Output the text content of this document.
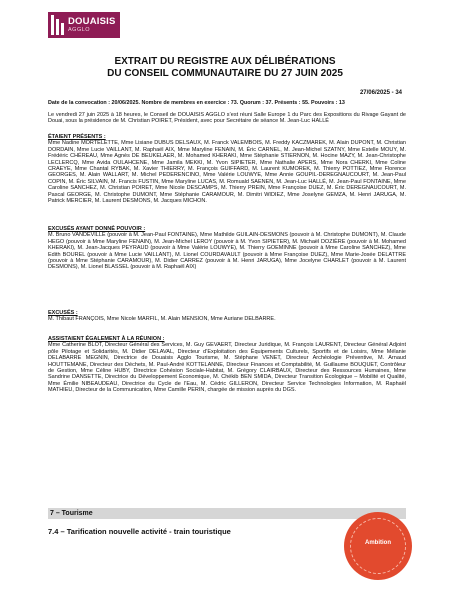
DOUAISIS
AGGLO
EXTRAIT DU REGISTRE AUX DÉLIBÉRATIONS
DU CONSEIL COMMUNAUTAIRE DU 27 JUIN 2025
27/06/2025 - 34
Date de la convocation : 20/06/2025. Nombre de membres en exercice : 73. Quorum : 37. Présents : 55. Pouvoirs : 13
Le vendredi 27 juin 2025 à 18 heures, le Conseil de DOUAISIS AGGLO s’est réuni Salle Europe 1 du Parc des Expositions du Rivage Gayant de Douai, sous la présidence de M. Christian POIRET, Président, avec pour Secrétaire de séance M. Jean-Luc HALLÉ
ÉTAIENT PRÉSENTS :
Mme Nadine MORTELETTE, Mme Lisiane DUBUS DELSAUX, M. Franck VALEMBOIS, M. Freddy KACZMAREK, M. Alain DUPONT, M. Christian DORDAIN, Mme Lucie VAILLANT, M. Raphaël AIX, Mme Maryline FENAIN, M. Éric CARNEL, M. Jean-Michel SZATNY, Mme Estelle MOUY, M. Frédéric CHÉREAU, Mme Agnès DE BEUKELAER, M. Mohamed KHERAKI, Mme Stéphanie STIERNON, M. Hocine MAZY, M. Jean-Christophe LECLERCQ, Mme Avida OULAHCENE, Mme Jamila MEKKI, M. Yvon SIPIETER, Mme Nathalie APERS, Mme Nora CHERKI, Mme Coline CRAEYE, Mme Chantal RYBAK, M. Xavier THIERRY, M. François GUIFFARD, M. Laurent KUMOREK, M. Thierry POTTIEZ, Mme Florence GEORGES, M. Alain WALLART, M. Michel PEDERENCINO, Mme Valérie LOUWYE, Mme Annie GOUPIL-DEREGNAUCOURT, M. Jean-Paul COPIN, M. Éric SILVAIN, M. Francis FUSTIN, Mme Maryline LUCAS, M. Romuald SAENEN, M. Jean-Luc HALLÉ, M. Jean-Paul FONTAINE, Mme Caroline SANCHEZ, M. Christian POIRET, Mme Nicole DESCAMPS, M. Thierry PREIN, Mme Françoise DUEZ, M. Éric DEREGNAUCOURT, M. Pascal GEORGE, M. Christophe DUMONT, Mme Stéphanie CARAMOUR, M. Dimitri WIDIEZ, Mme Joselyne GEMZA, M. Henri JARUGA, M. Patrick MERCIER, M. Laurent DESMONS, M. Jacques MICHON.
EXCUSÉS AYANT DONNÉ POUVOIR :
M. Bruno VANDEVILLE (pouvoir à M. Jean-Paul FONTAINE), Mme Mathilde GUILAIN-DESMONS (pouvoir à M. Christophe DUMONT), M. Claude HEGO (pouvoir à Mme Maryline FENAIN), M. Jean-Michel LEROY (pouvoir à M. Yvon SIPIETER), M. Michaël DOZIÈRE (pouvoir à M. Mohamed KHERAKI), M. Jean-Jacques PEYRAUD (pouvoir à Mme Valérie LOUWYE), M. Thierry GOEMINNE (pouvoir à Mme Caroline SANCHEZ), Mme Edith BOUREL (pouvoir à Mme Lucie VAILLANT), M. Lionel COURDAVAULT (pouvoir à Mme Françoise DUEZ), Mme Marie-Josée DELATTRE (pouvoir à Mme Stéphanie CARAMOUR), M. Didier CARREZ (pouvoir à M. Henri JARUGA), Mme Jocelyne CHARLET (pouvoir à M. Laurent DESMONS), M. Lionel BLASSEL (pouvoir à M. Raphaël AIX)
EXCUSÉS :
M. Thibaut FRANÇOIS, Mme Nicole MARFIL, M. Alain MENSION, Mme Auriane DELBARRE.
ASSISTAIENT ÉGALEMENT À LA RÉUNION :
Mme Catherine BLOT, Directeur Général des Services, M. Guy GEVAERT, Directeur Juridique, M. François LAURENT, Directeur Général Adjoint pôle Pilotage et Solidarités, M. Didier DELAVAL, Directeur d’Exploitation des Équipements Culturels, Sportifs et de Loisirs, Mme Mélanie DELABARRE MEGNIN, Directrice de Douaisis Agglo Tourisme, M. Stéphane VENET, Directeur Archéologie Préventive, M. Arnaud HOUTTEMANE, Directeur des Déchets, M. Paul-André KOTTELANNE, Directeur Finances et Comptabilité, M. Guillaume BOUQUET, Contrôleur de Gestion, Mme Céline HUBY, Directrice Cohésion Sociale-Habitat, M. Grégory CLAIRBAUX, Directeur des Ressources Humaines, Mme Sandrine DANSETTE, Directrice du Développement Économique, M. Chékib BEN SMIDA, Directeur Transition Écologique – Mobilité et Qualité, Mme Émilie NIBEAUDEAU, Directrice du Cycle de l’Eau, M. Cédric GILLERON, Directeur Service Technologies Information, M. Raphaël MATHIEU, Directeur de la Communication, Mme Camille PERIN, chargée de mission auprès du DGS.
7 – Tourisme
7.4 – Tarification nouvelle activité - train touristique
Ambition
